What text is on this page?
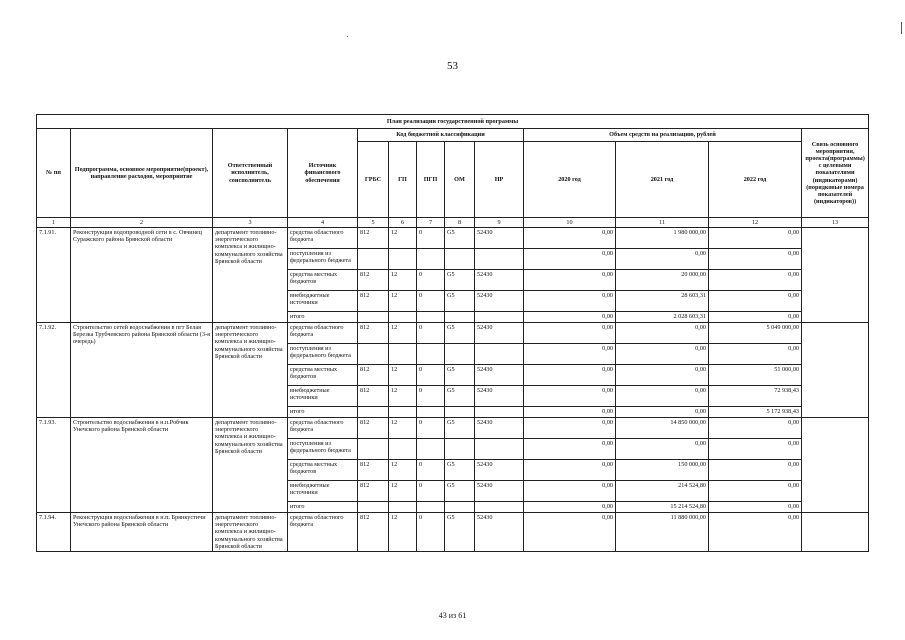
53
План реализации государственной программы												
№ пп	Подпрограмма, основное мероприятие(проект), направление расходов, мероприятие	Ответственный исполнитель, соисполнитель	Источник финансового обеспечения	Код бюджетной классификации					Объем средств на реализацию, рублей			Связь основного мероприятия, проекта(программы) с целевыми показателями (индикаторами) (порядковые номера показателей (индикаторов))
				ГРБС	ГП	ПГП	ОМ	НР	2020 год	2021 год	2022 год	
1	2	3	4	5	6	7	8	9	10	11	12	13
7.1.91.	Реконструкция водопроводной сети в с. Овчинец Суражского района Брянской области	департамент топливно-энергетического комплекса и жилищно-коммунального хозяйства Брянской области	средства областного бюджета	812	12	0	G5	52430	0,00	1 980 000,00	0,00	
			поступления из федерального бюджета						0,00	0,00	0,00	
			средства местных бюджетов	812	12	0	G5	52430	0,00	20 000,00	0,00	
			внебюджетные источники	812	12	0	G5	52430	0,00	28 603,31	0,00	
			итого						0,00	2 028 603,31	0,00	
7.1.92.	Строительство сетей водоснабжения в пгт Белая Березка Трубчевского района Брянской области (3-я очередь)	департамент топливно-энергетического комплекса и жилищно-коммунального хозяйства Брянской области	средства областного бюджета	812	12	0	G5	52430	0,00	0,00	5 049 000,00	
			поступления из федерального бюджета						0,00	0,00	0,00	
			средства местных бюджетов	812	12	0	G5	52430	0,00	0,00	51 000,00	
			внебюджетные источники	812	12	0	G5	52430	0,00	0,00	72 938,43	
			итого						0,00	0,00	5 172 938,43	
7.1.93.	Строительство водоснабжения в н.п.Робчик Унечского района Брянской области	департамент топливно-энергетического комплекса и жилищно-коммунального хозяйства Брянской области	средства областного бюджета	812	12	0	G5	52430	0,00	14 850 000,00	0,00	
			поступления из федерального бюджета						0,00	0,00	0,00	
			средства местных бюджетов	812	12	0	G5	52430	0,00	150 000,00	0,00	
			внебюджетные источники	812	12	0	G5	52430	0,00	214 524,80	0,00	
			итого						0,00	15 214 524,80	0,00	
7.1.94.	Реконструкция водоснабжения в н.п. Брянкустичи Унечского района Брянской области	департамент топливно-энергетического комплекса и жилищно-коммунального хозяйства Брянской области	средства областного бюджета	812	12	0	G5	52430	0,00	11 880 000,00	0,00	
43 из 61
